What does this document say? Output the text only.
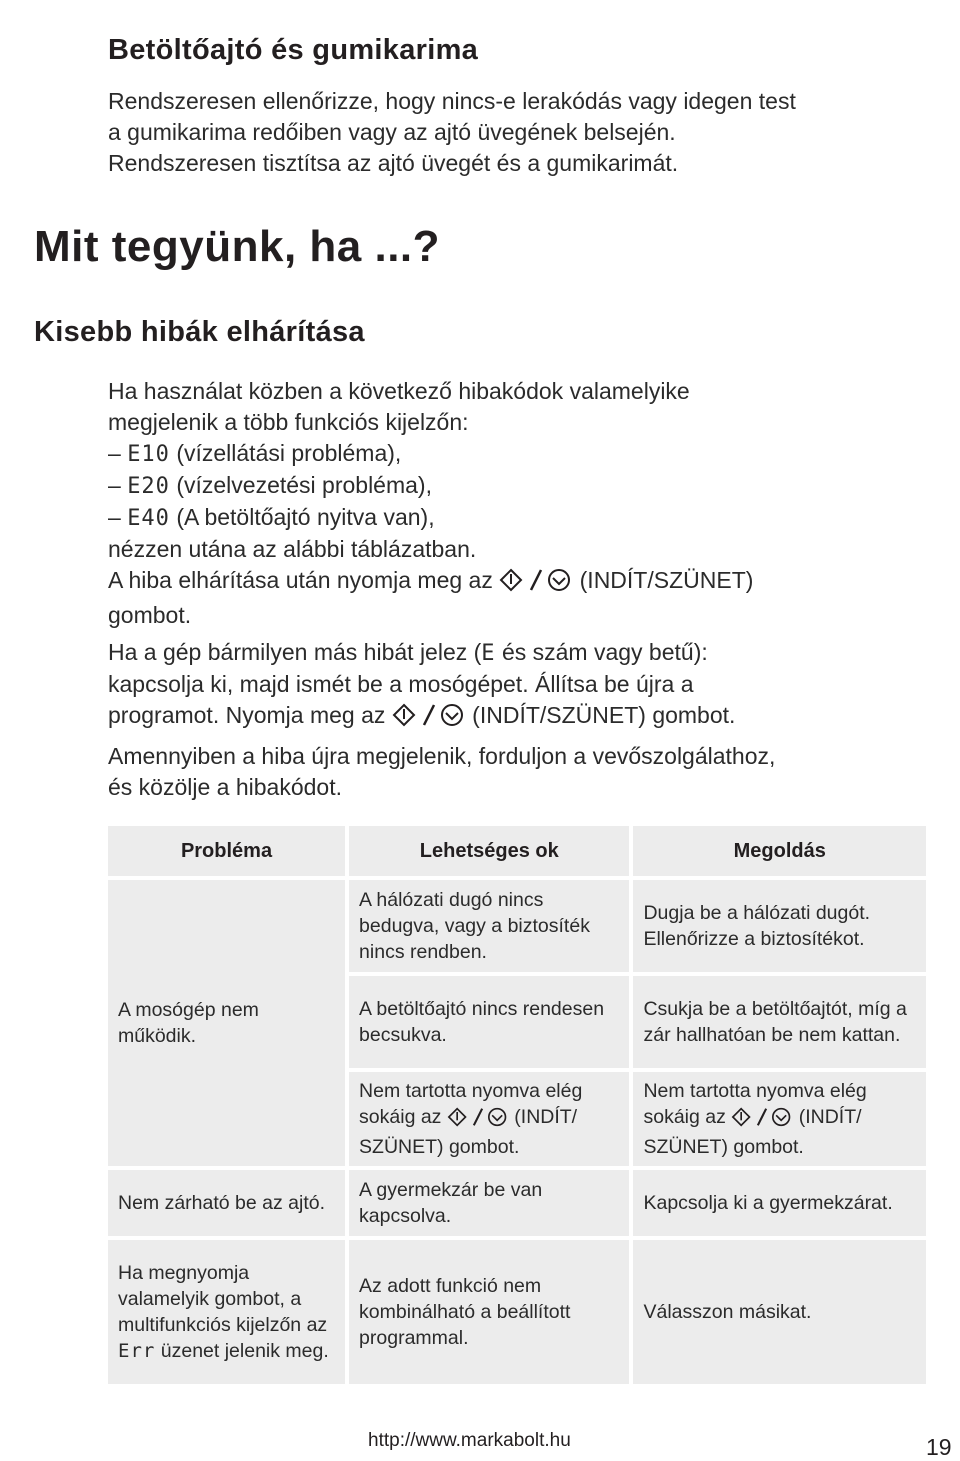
Betöltőajtó és gumikarima
Rendszeresen ellenőrizze, hogy nincs-e lerakódás vagy idegen test
a gumikarima redőiben vagy az ajtó üvegének belsején.
Rendszeresen tisztítsa az ajtó üvegét és a gumikarimát.
Mit tegyünk, ha ...?
Kisebb hibák elhárítása
Ha használat közben a következő hibakódok valamelyike
megjelenik a több funkciós kijelzőn:
– E10 (vízellátási probléma),
– E20 (vízelvezetési probléma),
– E40 (A betöltőajtó nyitva van),
nézzen utána az alábbi táblázatban.
A hiba elhárítása után nyomja meg az	(INDÍT/SZÜNET)
gombot.
Ha a gép bármilyen más hibát jelez (E és szám vagy betű):
kapcsolja ki, majd ismét be a mosógépet. Állítsa be újra a
programot. Nyomja meg az	(INDÍT/SZÜNET) gombot.
Amennyiben a hiba újra megjelenik, forduljon a vevőszolgálathoz,
és közölje a hibakódot.
Probléma	Lehetséges ok	Megoldás
A mosógép nem működik.	A hálózati dugó nincs bedugva, vagy a biztosíték nincs rendben.	Dugja be a hálózati dugót. Ellenőrizze a biztosítékot.
	A betöltőajtó nincs rendesen becsukva.	Csukja be a betöltőajtót, míg a zár hallhatóan be nem kattan.
	Nem tartotta nyomva elég sokáig az (INDÍT/ SZÜNET) gombot.	Nem tartotta nyomva elég sokáig az (INDÍT/ SZÜNET) gombot.
Nem zárható be az ajtó.	A gyermekzár be van kapcsolva.	Kapcsolja ki a gyermekzárat.
Ha megnyomja valamelyik gombot, a multifunkciós kijelzőn az Err üzenet jelenik meg.	Az adott funkció nem kombinálható a beállított programmal.	Válasszon másikat.
http://www.markabolt.hu	19
